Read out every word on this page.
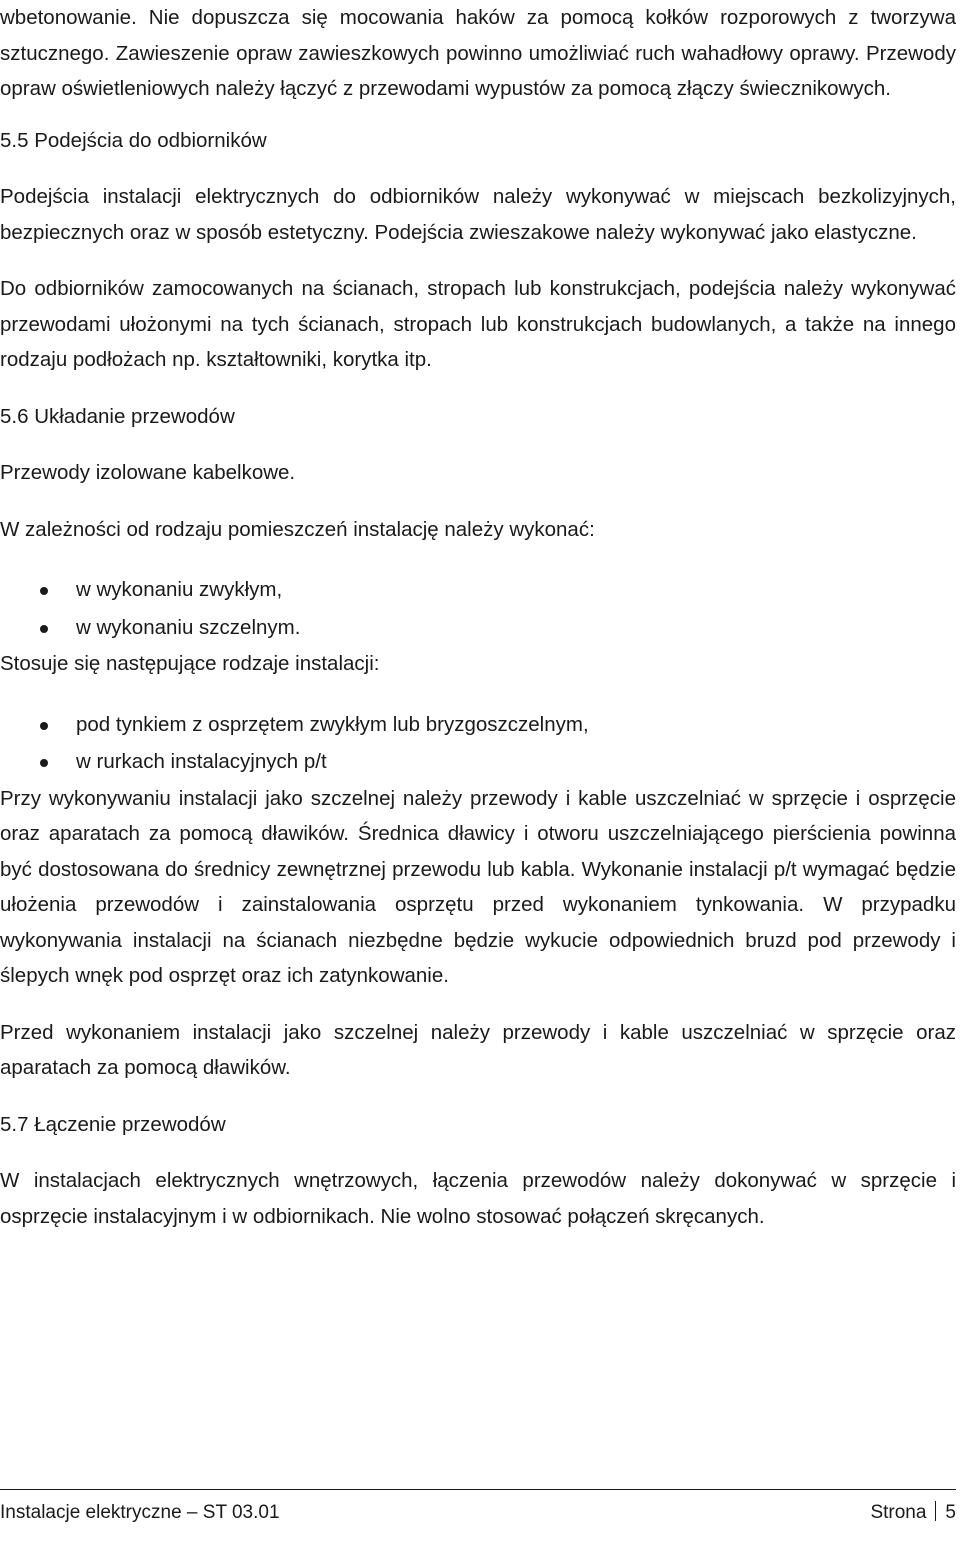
wbetonowanie. Nie dopuszcza się mocowania haków za pomocą kołków rozporowych z tworzywa sztucznego. Zawieszenie opraw zawieszkowych powinno umożliwiać ruch wahadłowy oprawy. Przewody opraw oświetleniowych należy łączyć z przewodami wypustów za pomocą złączy świecznikowych.

5.5 Podejścia do odbiorników

Podejścia instalacji elektrycznych do odbiorników należy wykonywać w miejscach bezkolizyjnych, bezpiecznych oraz w sposób estetyczny. Podejścia zwieszakowe należy wykonywać jako elastyczne.

Do odbiorników zamocowanych na ścianach, stropach lub konstrukcjach, podejścia należy wykonywać przewodami ułożonymi na tych ścianach, stropach lub konstrukcjach budowlanych, a także na innego rodzaju podłożach np. kształtowniki, korytka itp.

5.6 Układanie przewodów

Przewody izolowane kabelkowe.

W zależności od rodzaju pomieszczeń instalację należy wykonać:

w wykonaniu zwykłym,
w wykonaniu szczelnym.

Stosuje się następujące rodzaje instalacji:

pod tynkiem z osprzętem zwykłym lub bryzgoszczelnym,
w rurkach instalacyjnych p/t

Przy wykonywaniu instalacji jako szczelnej należy przewody i kable uszczelniać w sprzęcie i osprzęcie oraz aparatach za pomocą dławików. Średnica dławicy i otworu uszczelniającego pierścienia powinna być dostosowana do średnicy zewnętrznej przewodu lub kabla. Wykonanie instalacji p/t wymagać będzie ułożenia przewodów i zainstalowania osprzętu przed wykonaniem tynkowania. W przypadku wykonywania instalacji na ścianach niezbędne będzie wykucie odpowiednich bruzd pod przewody i ślepych wnęk pod osprzęt oraz ich zatynkowanie.

Przed wykonaniem instalacji jako szczelnej należy przewody i kable uszczelniać w sprzęcie oraz aparatach za pomocą dławików.

5.7 Łączenie przewodów

W instalacjach elektrycznych wnętrzowych, łączenia przewodów należy dokonywać w sprzęcie i osprzęcie instalacyjnym i w odbiornikach. Nie wolno stosować połączeń skręcanych.

Instalacje elektryczne – ST 03.01	Strona 5
